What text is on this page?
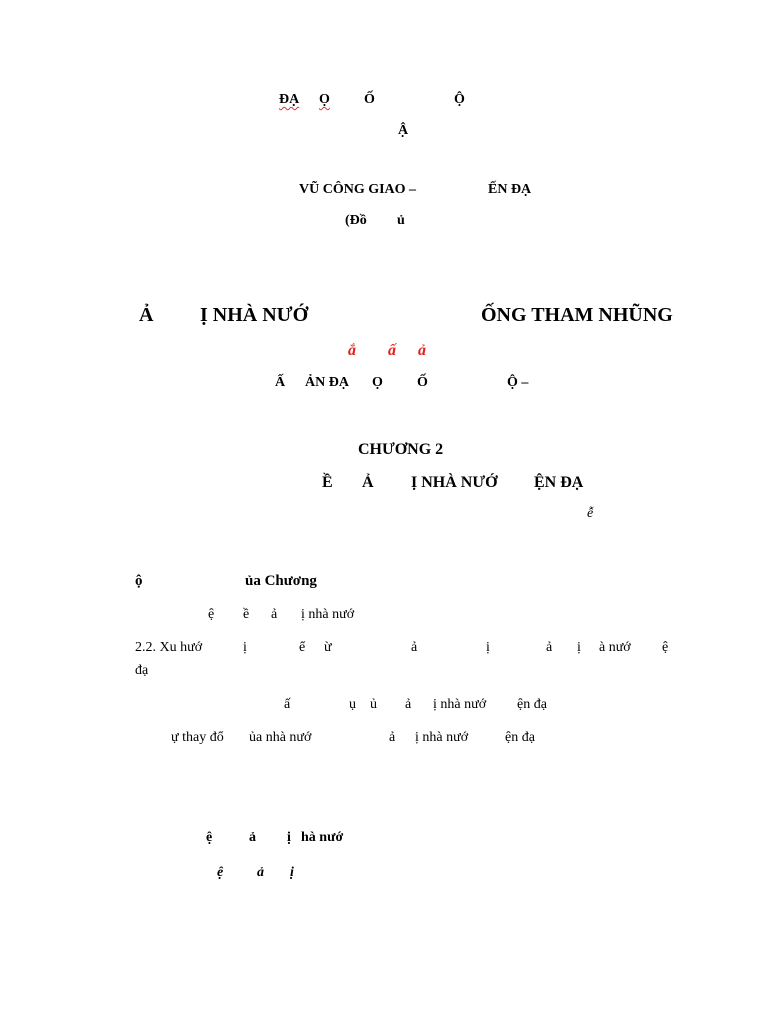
ĐẠ Ọ Ố	Ộ
Ậ
VŨ CÔNG GIAO –	ẾN ĐẠ
(Đồ ủ
Ả Ị NHÀ NƯỚ	ỐNG THAM NHŨNG
ắ ấ ả
Ấ ẢN ĐẠ Ọ Ố	Ộ –
CHƯƠNG 2
Ề Ả Ị NHÀ NƯỚ ỆN ĐẠ
ễ
ộ	ủa Chương
ệ ề ả ị nhà nướ
2.2. Xu hướ	ị	ể ừ	ả	ị	ả ị à nướ ệ
đạ
ấ	ụ ủ ả ị nhà nướ ện đạ
ự thay đổ ủa nhà nướ	ả ị nhà nướ	ện đạ
ệ	ả ị hà nướ
ệ ả ị
